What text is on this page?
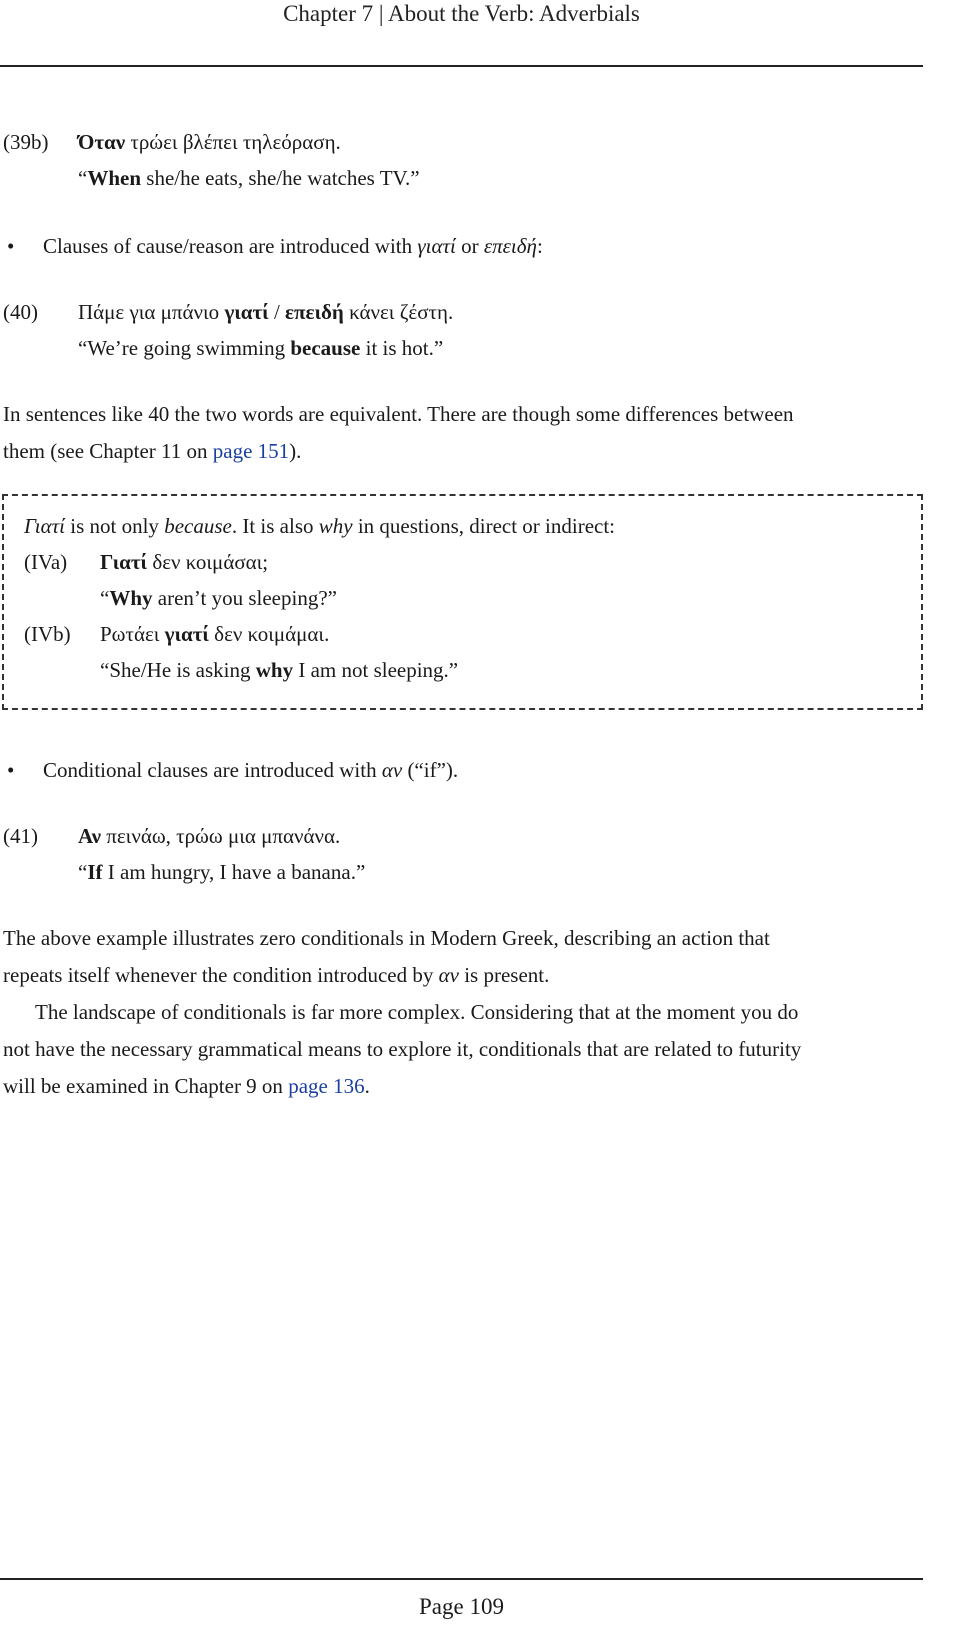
Chapter 7 | About the Verb: Adverbials
(39b) Όταν τρώει βλέπει τηλεόραση.
“When she/he eats, she/he watches TV.”
• Clauses of cause/reason are introduced with γιατί or επειδή:
(40) Πάμε για μπάνιο γιατί / επειδή κάνει ζέστη.
“We’re going swimming because it is hot.”
In sentences like 40 the two words are equivalent. There are though some differences between
them (see Chapter 11 on page 151).
Γιατί is not only because. It is also why in questions, direct or indirect:
(IVa) Γιατί δεν κοιμάσαι;
“Why aren’t you sleeping?”
(IVb) Ρωτάει γιατί δεν κοιμάμαι.
“She/He is asking why I am not sleeping.”
• Conditional clauses are introduced with αν (“if”).
(41) Αν πεινάω, τρώω μια μπανάνα.
“If I am hungry, I have a banana.”
The above example illustrates zero conditionals in Modern Greek, describing an action that
repeats itself whenever the condition introduced by αν is present.
The landscape of conditionals is far more complex. Considering that at the moment you do
not have the necessary grammatical means to explore it, conditionals that are related to futurity
will be examined in Chapter 9 on page 136.
Page 109
